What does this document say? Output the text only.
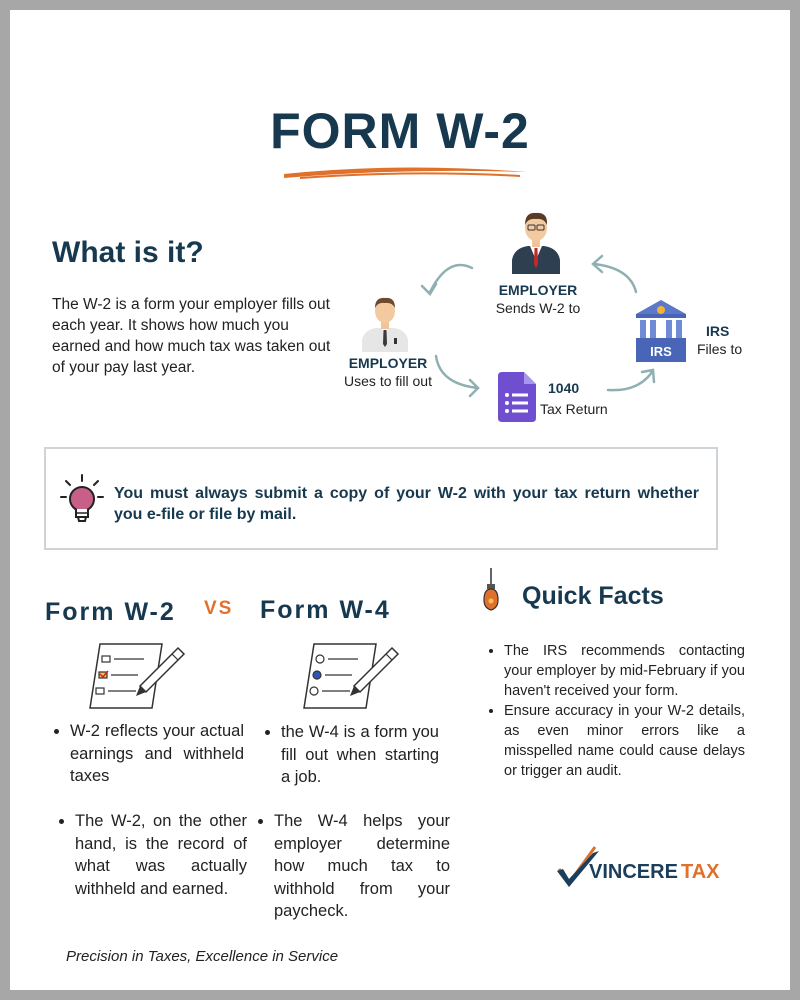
FORM W-2
What is it?
The W-2 is a form your employer fills out each year. It shows how much you earned and how much tax was taken out of your pay last year.
EMPLOYER
Sends W-2 to
EMPLOYER
Uses to fill out
IRS
IRS
Files to
1040
Tax Return
You must always submit a copy of your W-2 with your tax return whether you e-file or file by mail.
Form W-2 VS Form W-4
• W-2 reflects your actual earnings and withheld taxes
• The W-2, on the other hand, is the record of what was actually withheld and earned.
• the W-4 is a form you fill out when starting a job.
• The W-4 helps your employer determine how much tax to withhold from your paycheck.
Quick Facts
• The IRS recommends contacting your employer by mid-February if you haven't received your form.
• Ensure accuracy in your W-2 details, as even minor errors like a misspelled name could cause delays or trigger an audit.
VINCERE TAX
Precision in Taxes, Excellence in Service
